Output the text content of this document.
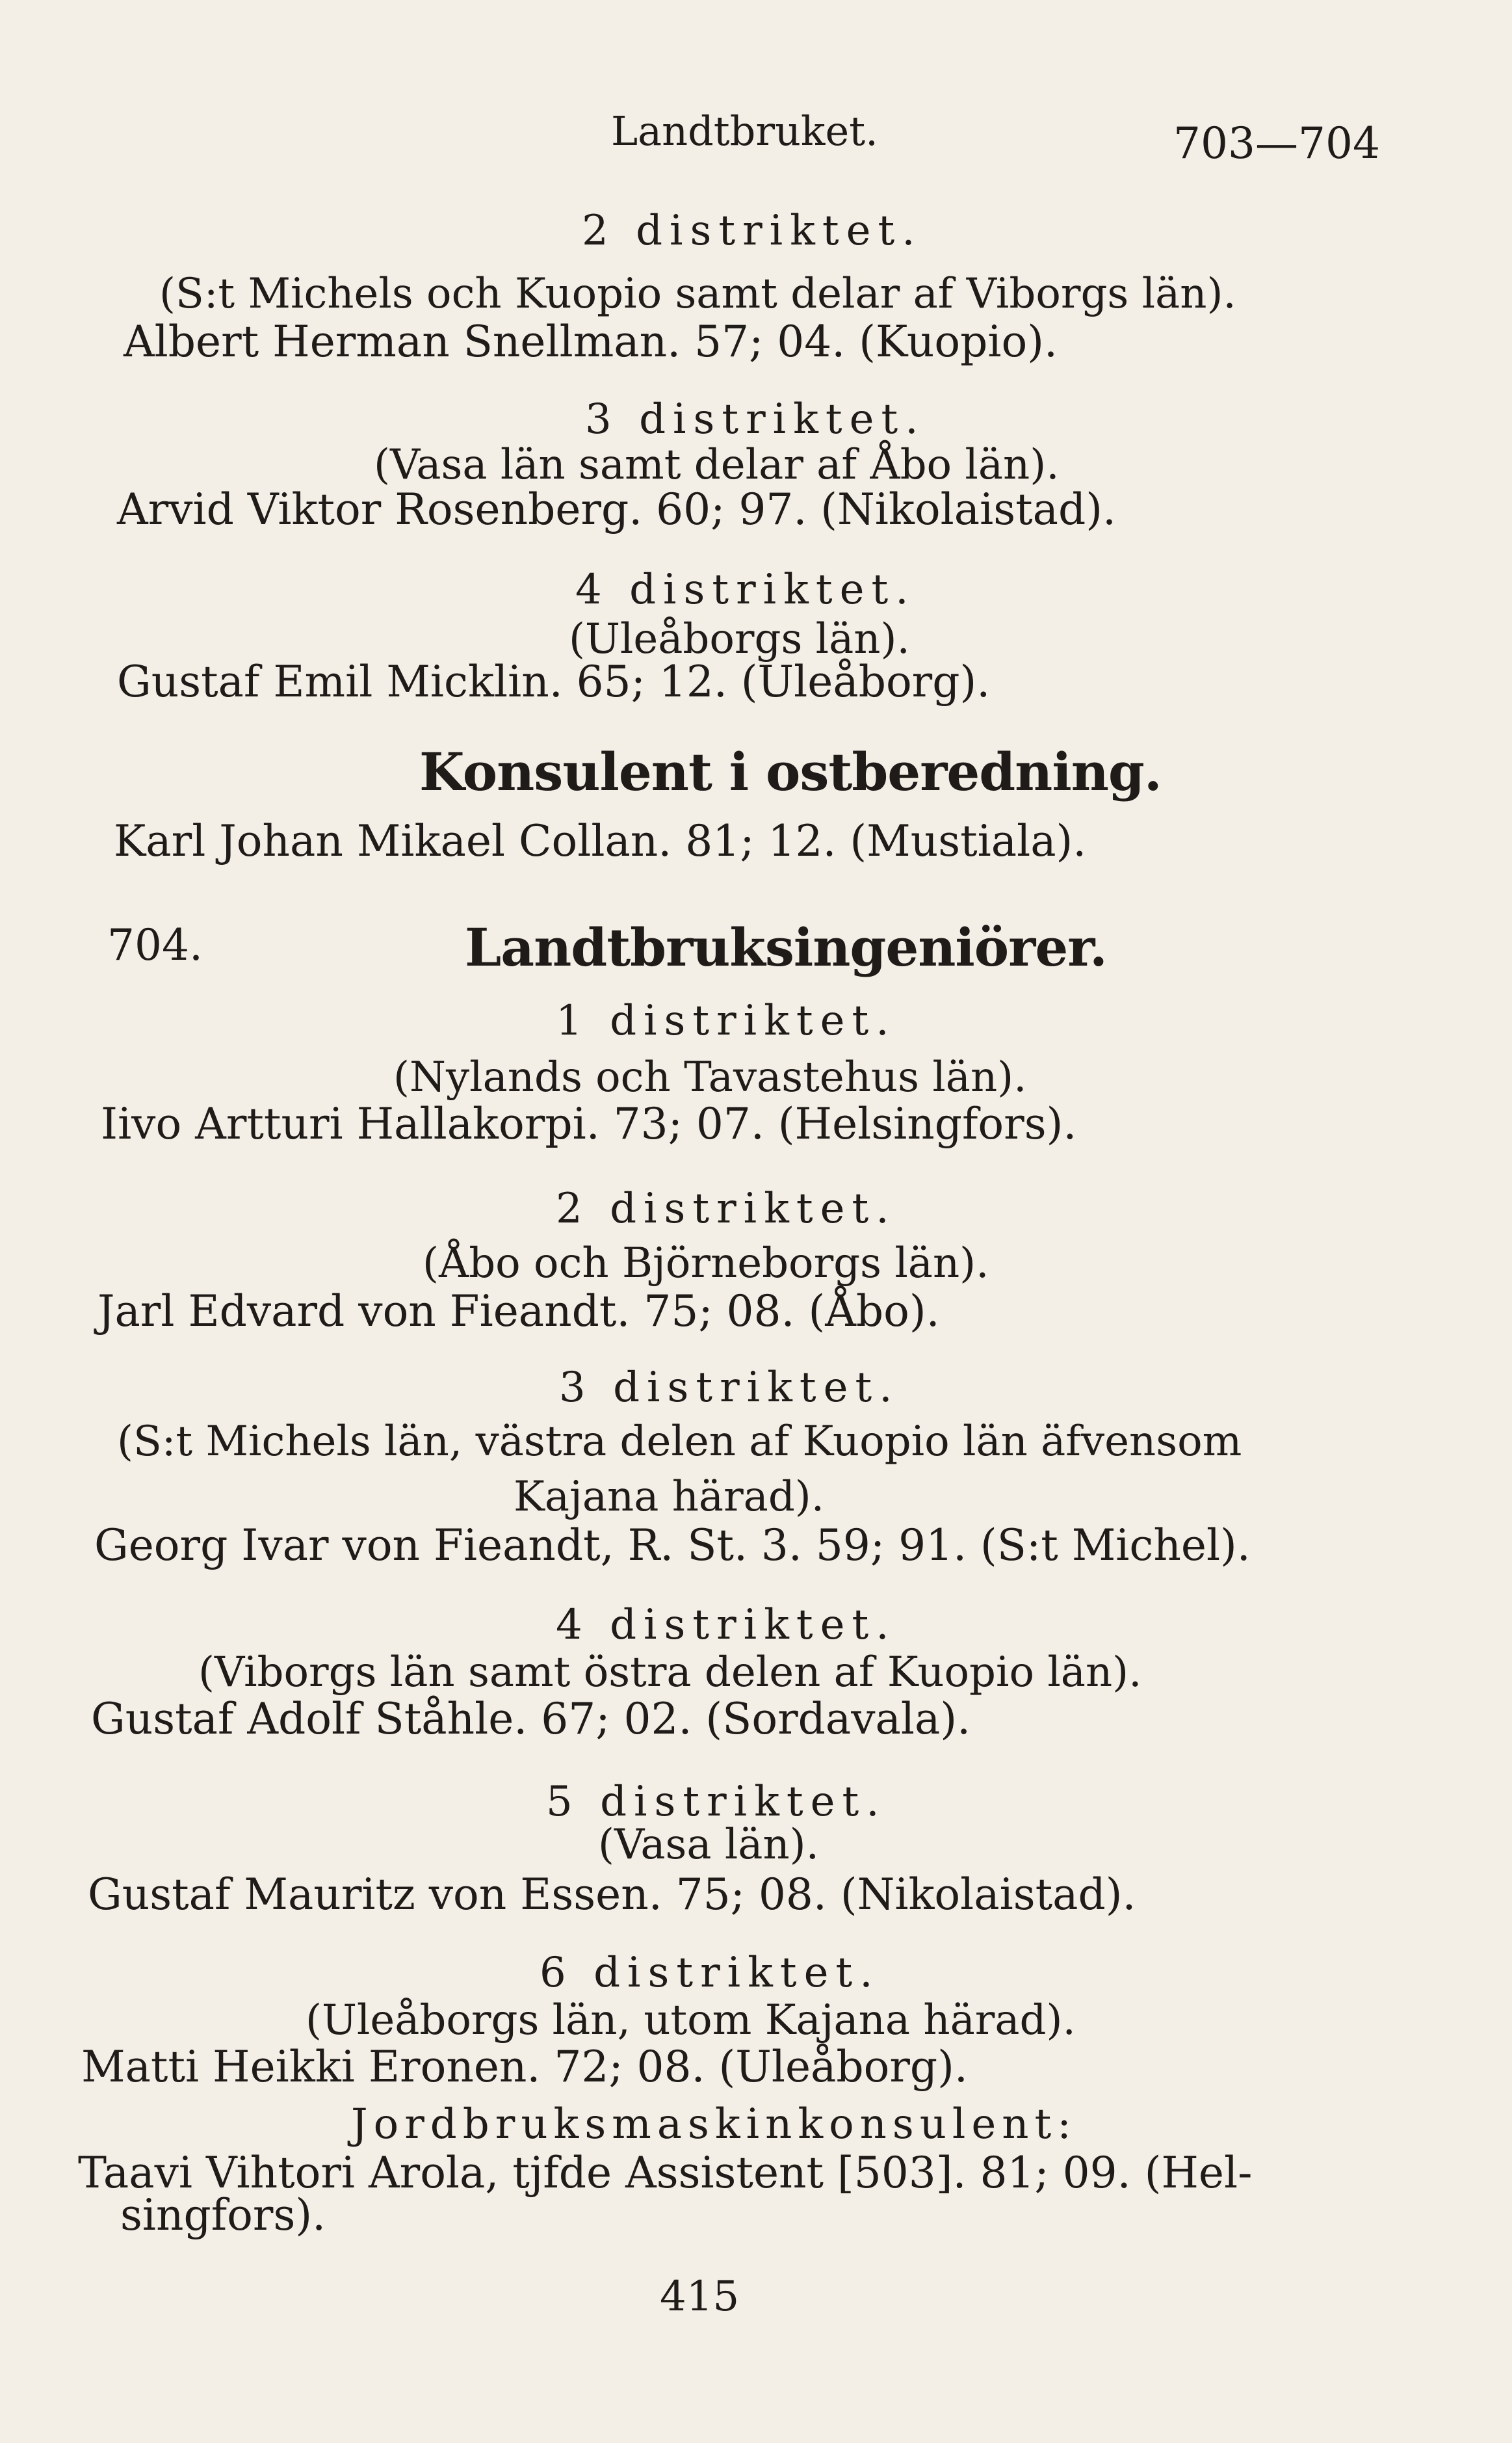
Landtbruket.	703—704
2 distriktet.
(S:t Michels och Kuopio samt delar af Viborgs län).
Albert Herman Snellman. 57; 04. (Kuopio).
3 distriktet.
(Vasa län samt delar af Åbo län).
Arvid Viktor Rosenberg. 60; 97. (Nikolaistad).
4 distriktet.
(Uleåborgs län).
Gustaf Emil Micklin. 65; 12. (Uleåborg).
Konsulent i ostberedning.
Karl Johan Mikael Collan. 81; 12. (Mustiala).
704.	Landtbruksingeniörer.
1 distriktet.
(Nylands och Tavastehus län).
Iivo Artturi Hallakorpi. 73; 07. (Helsingfors).
2 distriktet.
(Åbo och Björneborgs län).
Jarl Edvard von Fieandt. 75; 08. (Åbo).
3 distriktet.
(S:t Michels län, västra delen af Kuopio län äfvensom
Kajana härad).
Georg Ivar von Fieandt, R. St. 3. 59; 91. (S:t Michel).
4 distriktet.
(Viborgs län samt östra delen af Kuopio län).
Gustaf Adolf Ståhle. 67; 02. (Sordavala).
5 distriktet.
(Vasa län).
Gustaf Mauritz von Essen. 75; 08. (Nikolaistad).
6 distriktet.
(Uleåborgs län, utom Kajana härad).
Matti Heikki Eronen. 72; 08. (Uleåborg).
Jordbruksmaskinkonsulent:
Taavi Vihtori Arola, tjfde Assistent [503]. 81; 09. (Hel-
singfors).
415
